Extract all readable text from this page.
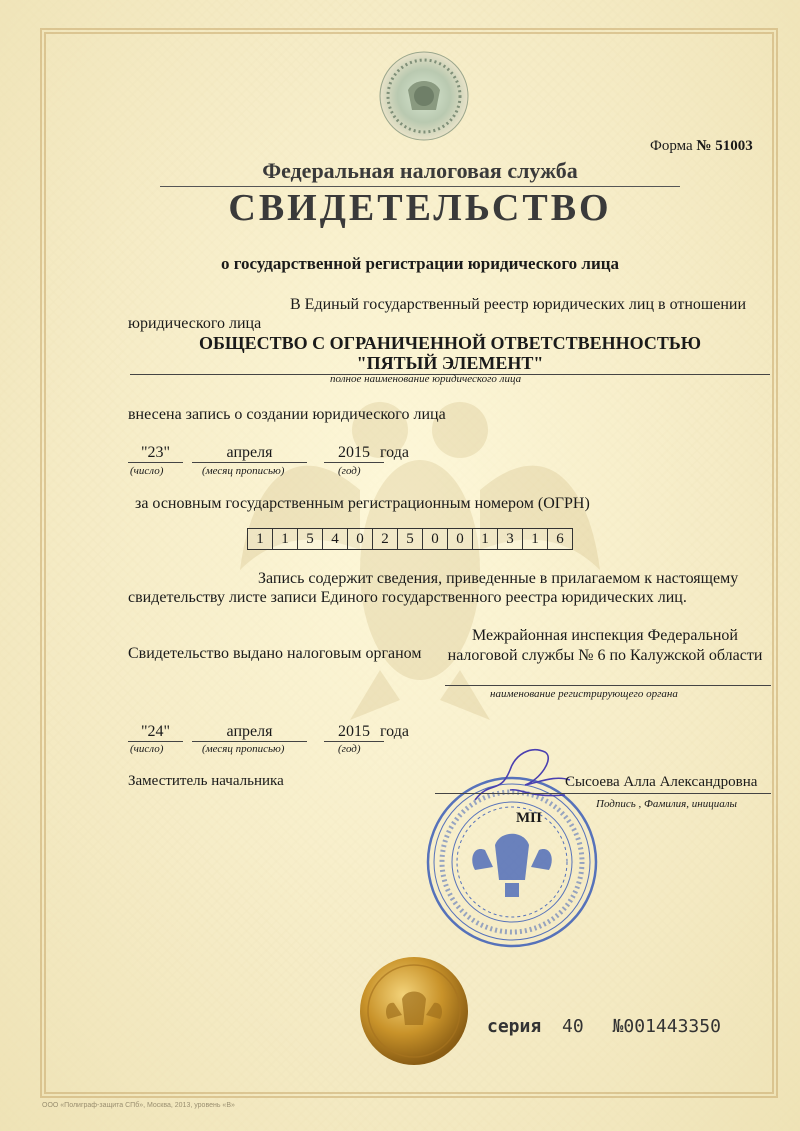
Форма № 51003
Федеральная налоговая служба
СВИДЕТЕЛЬСТВО
о государственной регистрации юридического лица
В Единый государственный реестр юридических лиц в отношении
юридического лица
ОБЩЕСТВО С ОГРАНИЧЕННОЙ ОТВЕТСТВЕННОСТЬЮ "ПЯТЫЙ ЭЛЕМЕНТ"
полное наименование юридического лица
внесена запись о создании юридического лица
"23"	апреля	2015 года
(число)	(месяц прописью)	(год)
за основным государственным регистрационным номером (ОГРН)
1	1	5	4	0	2	5	0	0	1	3	1	6
Запись содержит сведения, приведенные в прилагаемом к настоящему
свидетельству листе записи Единого государственного реестра юридических лиц.
Свидетельство выдано налоговым органом
Межрайонная инспекция Федеральной налоговой службы № 6 по Калужской области
наименование регистрирующего органа
"24"	апреля	2015 года
(число)	(месяц прописью)	(год)
Заместитель начальника	Сысоева Алла Александровна
Подпись , Фамилия, инициалы
МП
серия 40 №001443350
ООО «Полиграф-защита СПб», Москва, 2013, уровень «В»
